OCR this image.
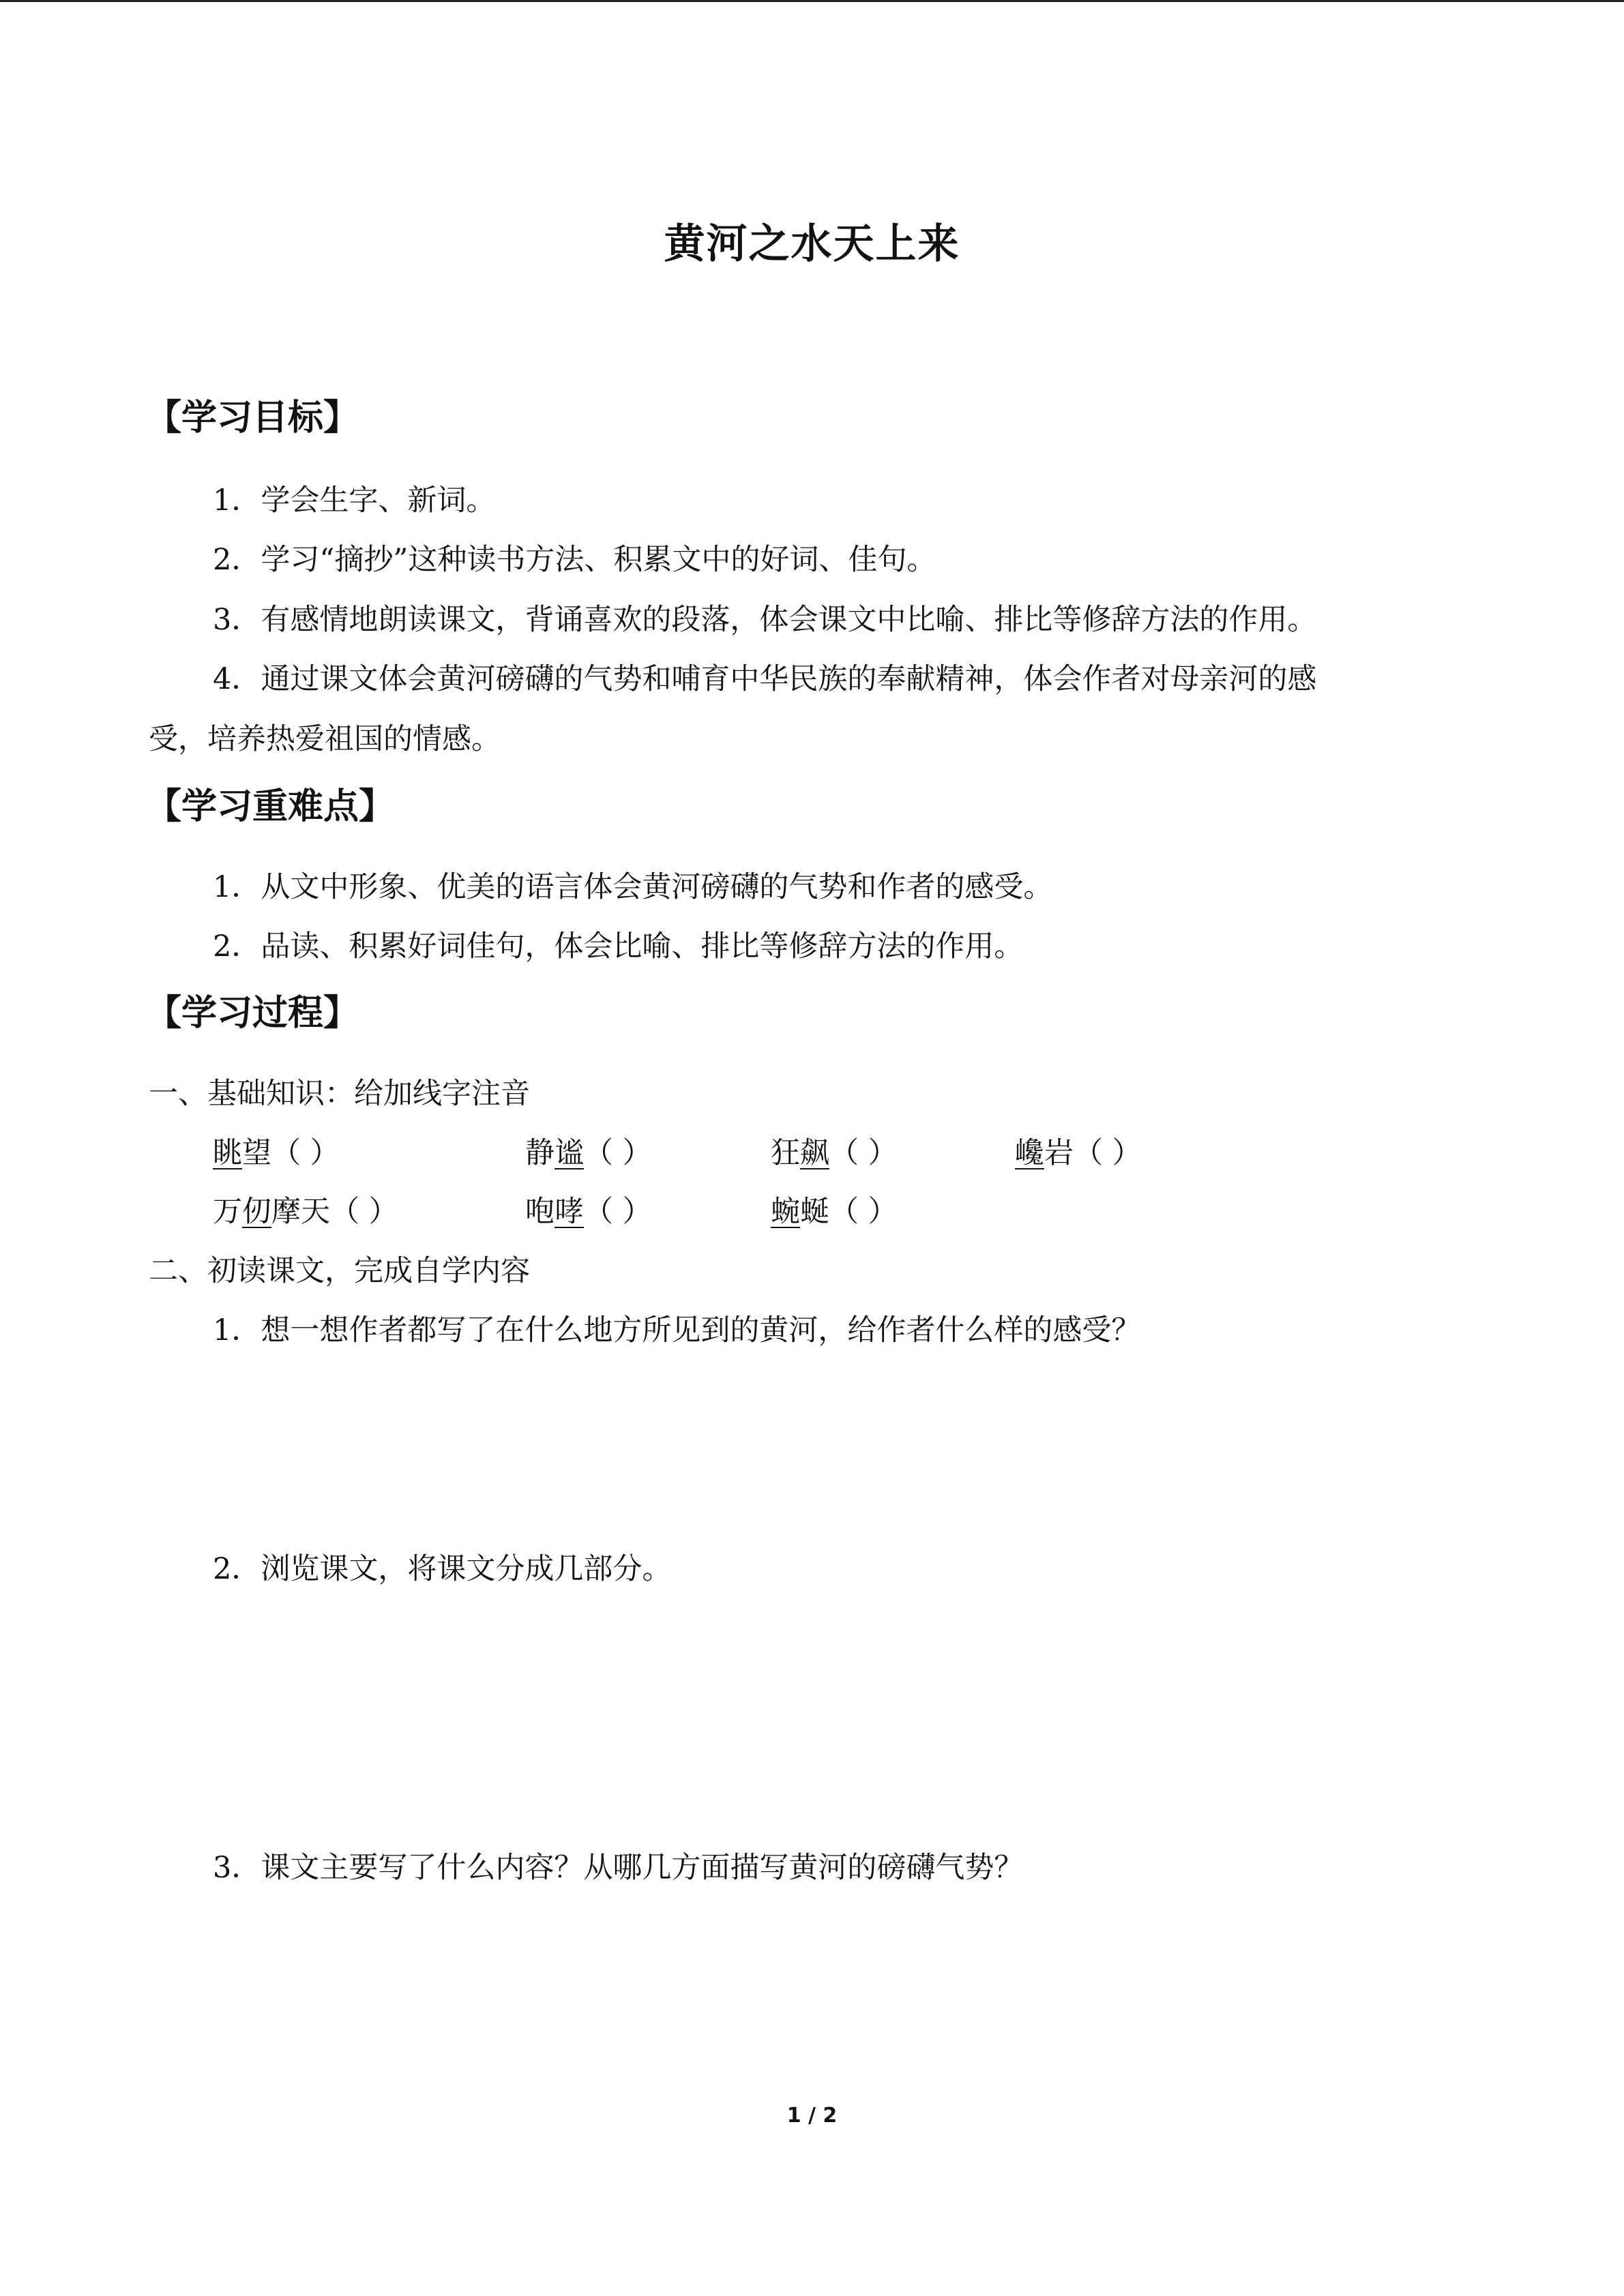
黄河之水天上来
【学习目标】
1．学会生字、新词。
2．学习“摘抄”这种读书方法、积累文中的好词、佳句。
3．有感情地朗读课文，背诵喜欢的段落，体会课文中比喻、排比等修辞方法的作用。
4．通过课文体会黄河磅礴的气势和哺育中华民族的奉献精神，体会作者对母亲河的感
受，培养热爱祖国的情感。
【学习重难点】
1．从文中形象、优美的语言体会黄河磅礴的气势和作者的感受。
2．品读、积累好词佳句，体会比喻、排比等修辞方法的作用。
【学习过程】
一、基础知识：给加线字注音
眺望（ ）	静谧（ ）	狂飙（ ）	巉岩（ ）
万仞摩天（ ）	咆哮（ ）	蜿蜒（ ）
二、初读课文，完成自学内容
1．想一想作者都写了在什么地方所见到的黄河，给作者什么样的感受？
2．浏览课文，将课文分成几部分。
3．课文主要写了什么内容？从哪几方面描写黄河的磅礴气势？
1 / 2
